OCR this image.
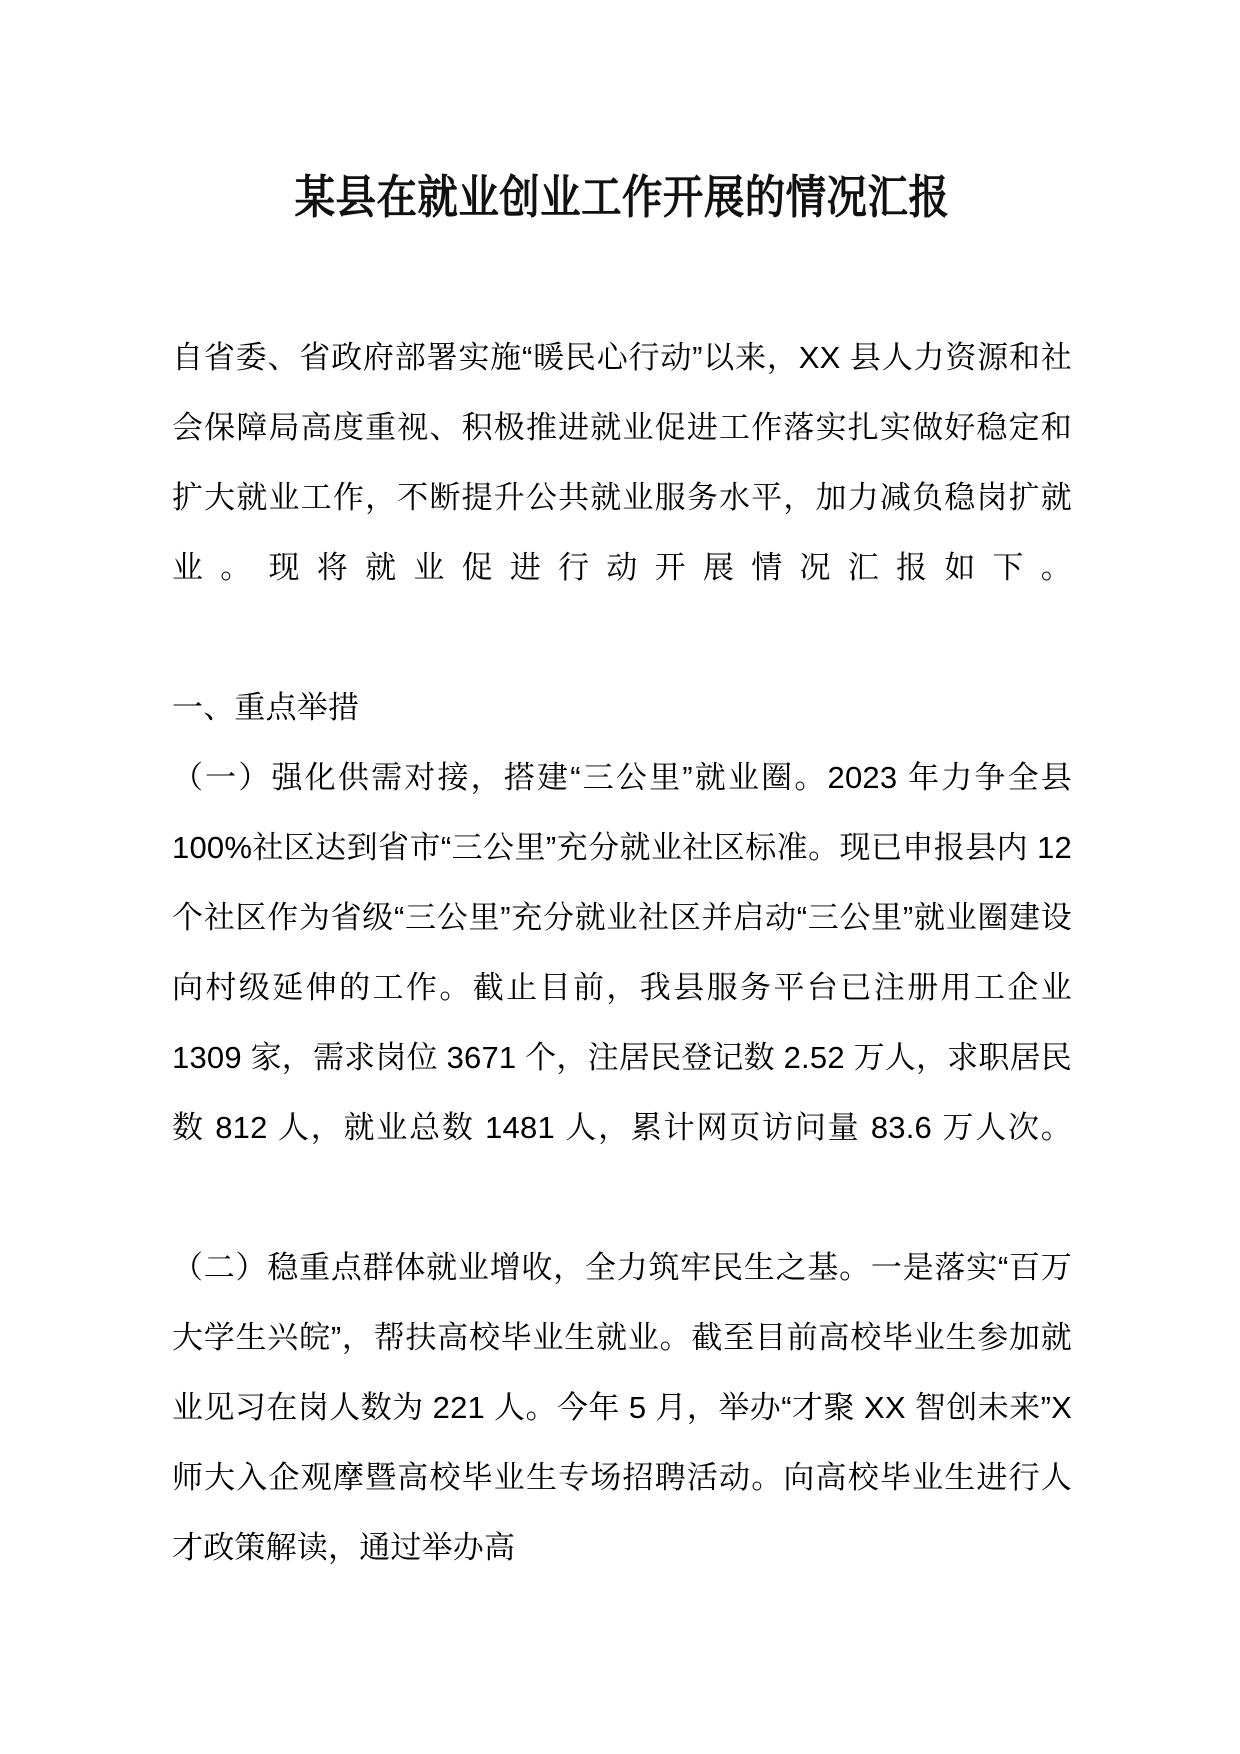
某县在就业创业工作开展的情况汇报

自省委、省政府部署实施“暖民心行动”以来，XX 县人力资源和社会保障局高度重视、积极推进就业促进工作落实扎实做好稳定和扩大就业工作，不断提升公共就业服务水平，加力减负稳岗扩就业。现将就业促进行动开展情况汇报如下。

一、重点举措

（一）强化供需对接，搭建“三公里”就业圈。2023 年力争全县 100%社区达到省市“三公里”充分就业社区标准。现已申报县内 12 个社区作为省级“三公里”充分就业社区并启动“三公里”就业圈建设向村级延伸的工作。截止目前，我县服务平台已注册用工企业 1309 家，需求岗位 3671 个，注居民登记数 2.52 万人，求职居民数 812 人，就业总数 1481 人，累计网页访问量 83.6 万人次。

（二）稳重点群体就业增收，全力筑牢民生之基。一是落实“百万大学生兴皖”，帮扶高校毕业生就业。截至目前高校毕业生参加就业见习在岗人数为 221 人。今年 5 月，举办“才聚 XX 智创未来”X 师大入企观摩暨高校毕业生专场招聘活动。向高校毕业生进行人才政策解读，通过举办高
